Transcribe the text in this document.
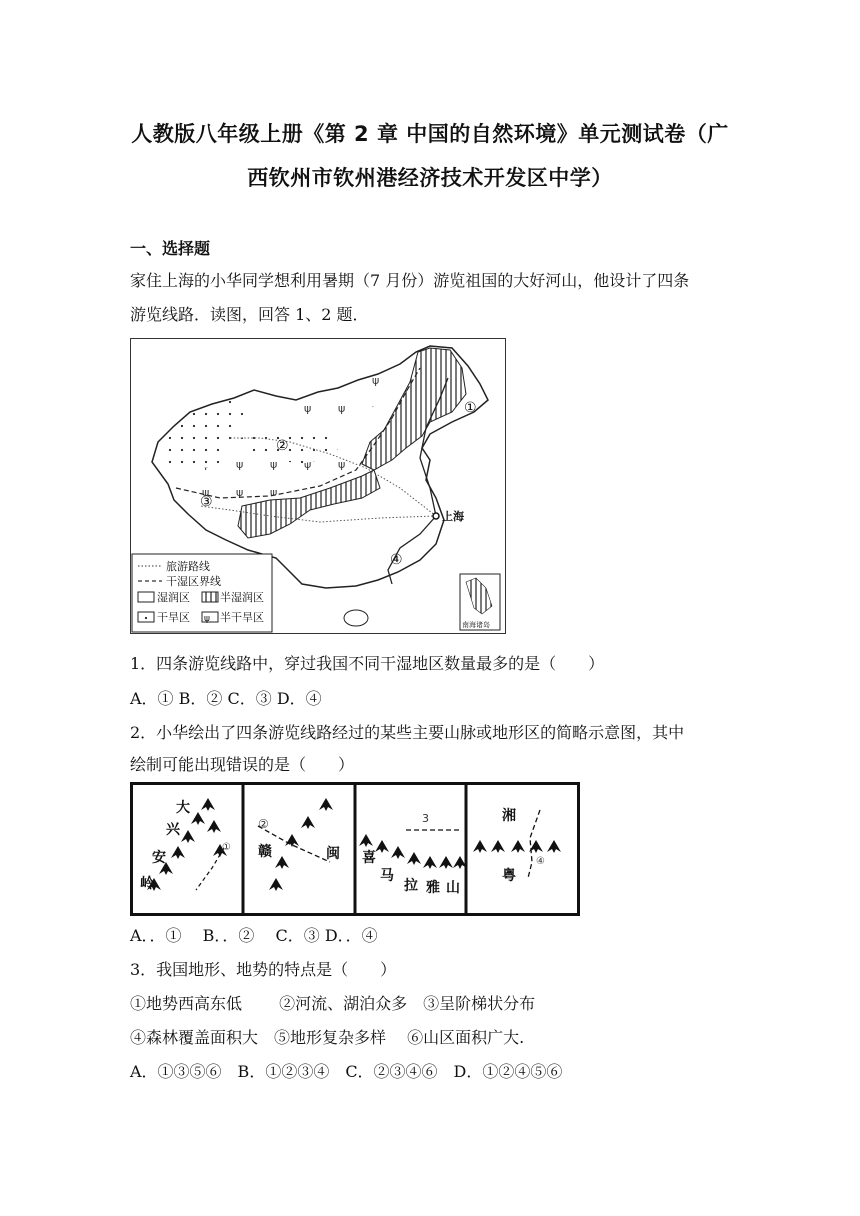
人教版八年级上册《第 2 章 中国的自然环境》单元测试卷（广
西钦州市钦州港经济技术开发区中学）
一、选择题
家住上海的小华同学想利用暑期（7 月份）游览祖国的大好河山，他设计了四条
游览线路．读图，回答 1、2 题．
①
②
③
④
上海
旅游路线
干湿区界线
湿润区	半湿润区
干旱区 ψ 半干旱区
南海诸岛
1．四条游览线路中，穿过我国不同干湿地区数量最多的是（　　）
A．① B．② C．③ D．④
2．小华绘出了四条游览线路经过的某些主要山脉或地形区的简略示意图，其中
绘制可能出现错误的是（　　）
大
兴
安
岭
①
②
赣	闽
3
喜
马
拉 雅 山
湘
粤
④
A．．①　 B．．②　 C．③ D．．④
3．我国地形、地势的特点是（　　）
①地势西高东低　　 ②河流、湖泊众多　③呈阶梯状分布
④森林覆盖面积大　⑤地形复杂多样　 ⑥山区面积广大.
A．①③⑤⑥　B．①②③④　C．②③④⑥　D．①②④⑤⑥
